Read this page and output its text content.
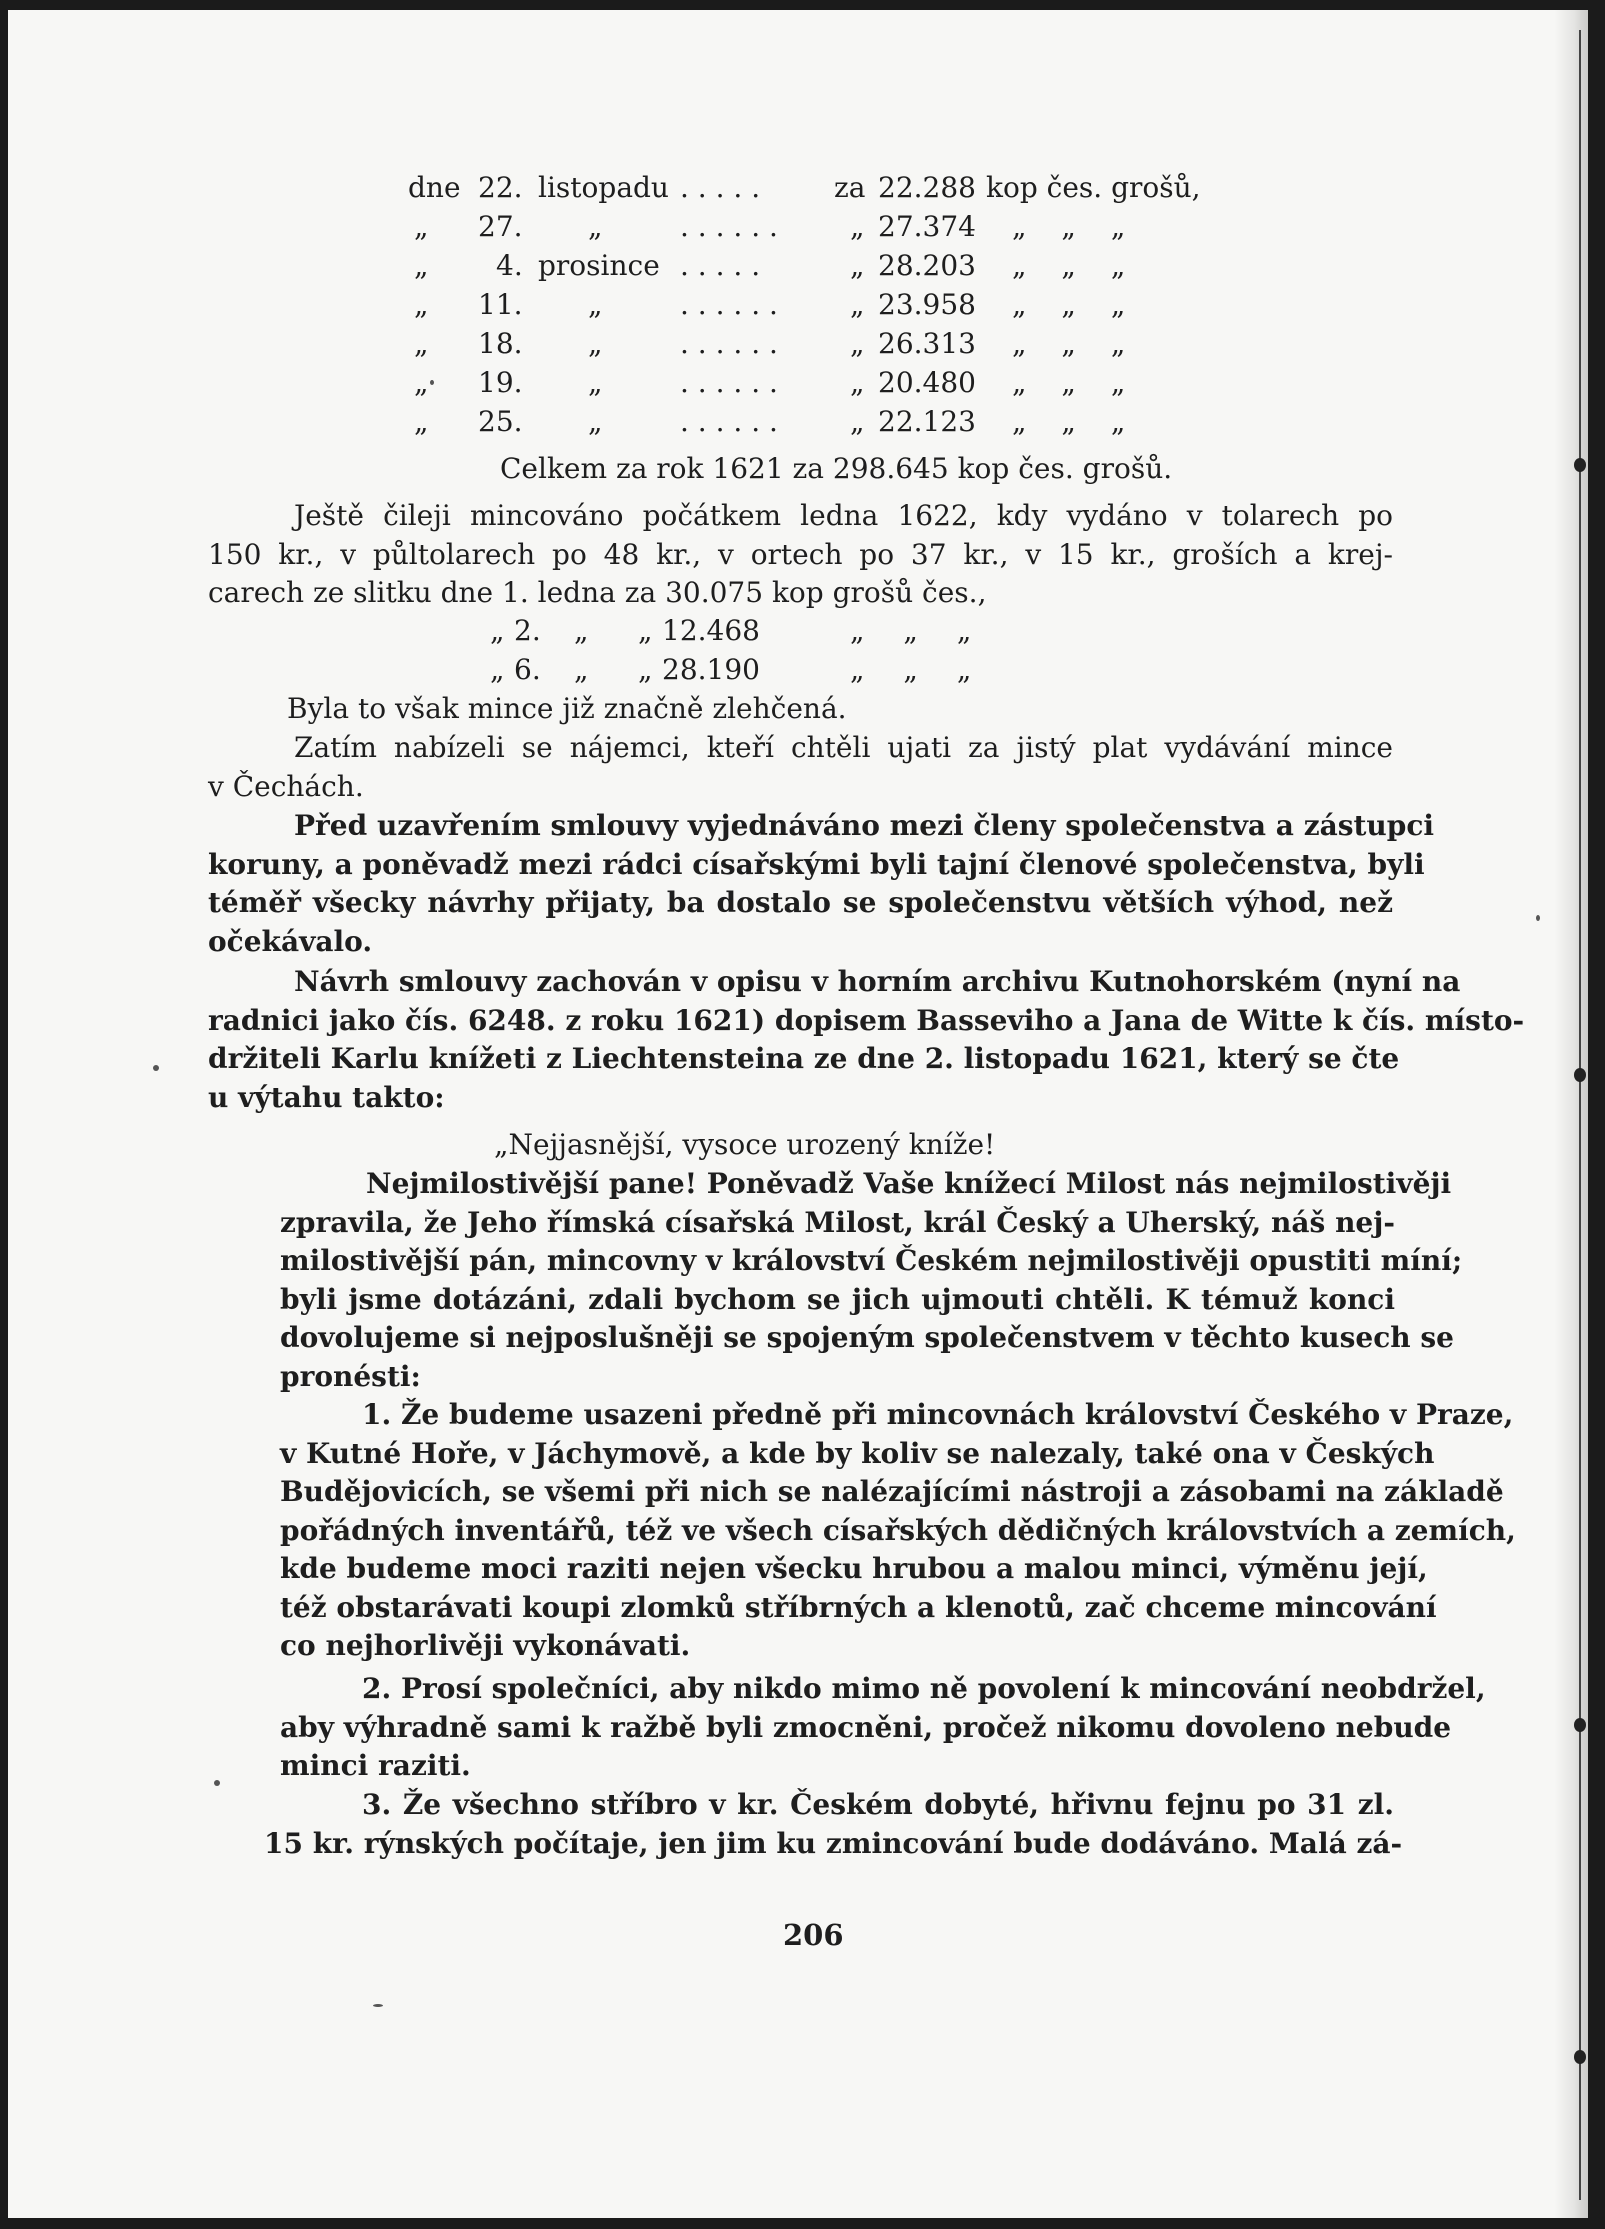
dne 22. listopadu . . . . .	za 22.288 kop čes. grošů,
„ 27. „	. . . . . .	„ 27.374 „ „ „
„ 4. prosince . . . . .	„ 28.203 „ „ „
„ 11. „	. . . . . .	„ 23.958 „ „ „
„ 18. „	. . . . . .	„ 26.313 „ „ „
„ 19. „	. . . . . .	„ 20.480 „ „ „
„ 25. „	. . . . . .	„ 22.123 „ „ „
Celkem za rok 1621 za 298.645 kop čes. grošů.
Ještě čileji mincováno počátkem ledna 1622, kdy vydáno v tolarech po
150 kr., v půltolarech po 48 kr., v ortech po 37 kr., v 15 kr., groších a krej-
carech ze slitku dne 1. ledna za 30.075 kop grošů čes.,
„ 2. „ „ 12.468	„ „ „
„ 6. „ „ 28.190	„ „ „
Byla to však mince již značně zlehčená.
Zatím nabízeli se nájemci, kteří chtěli ujati za jistý plat vydávání mince
v Čechách.
Před uzavřením smlouvy vyjednáváno mezi členy společenstva a zástupci
koruny, a poněvadž mezi rádci císařskými byli tajní členové společenstva, byli
téměř všecky návrhy přijaty, ba dostalo se společenstvu větších výhod, než
očekávalo.
Návrh smlouvy zachován v opisu v horním archivu Kutnohorském (nyní na
radnici jako čís. 6248. z roku 1621) dopisem Basseviho a Jana de Witte k čís. místo-
držiteli Karlu knížeti z Liechtensteina ze dne 2. listopadu 1621, který se čte
u výtahu takto:
„Nejjasnější, vysoce urozený kníže!
Nejmilostivější pane! Poněvadž Vaše knížecí Milost nás nejmilostivěji
zpravila, že Jeho římská císařská Milost, král Český a Uherský, náš nej-
milostivější pán, mincovny v království Českém nejmilostivěji opustiti míní;
byli jsme dotázáni, zdali bychom se jich ujmouti chtěli. K témuž konci
dovolujeme si nejposlušněji se spojeným společenstvem v těchto kusech se
pronésti:
1. Že budeme usazeni předně při mincovnách království Českého v Praze,
v Kutné Hoře, v Jáchymově, a kde by koliv se nalezaly, také ona v Českých
Budějovicích, se všemi při nich se nalézajícími nástroji a zásobami na základě
pořádných inventářů, též ve všech císařských dědičných královstvích a zemích,
kde budeme moci raziti nejen všecku hrubou a malou minci, výměnu její,
též obstarávati koupi zlomků stříbrných a klenotů, zač chceme mincování
co nejhorlivěji vykonávati.
2. Prosí společníci, aby nikdo mimo ně povolení k mincování neobdržel,
aby výhradně sami k ražbě byli zmocněni, pročež nikomu dovoleno nebude
minci raziti.
3. Že všechno stříbro v kr. Českém dobyté, hřivnu fejnu po 31 zl.
15 kr. rýnských počítaje, jen jim ku zmincování bude dodáváno. Malá zá-
206
